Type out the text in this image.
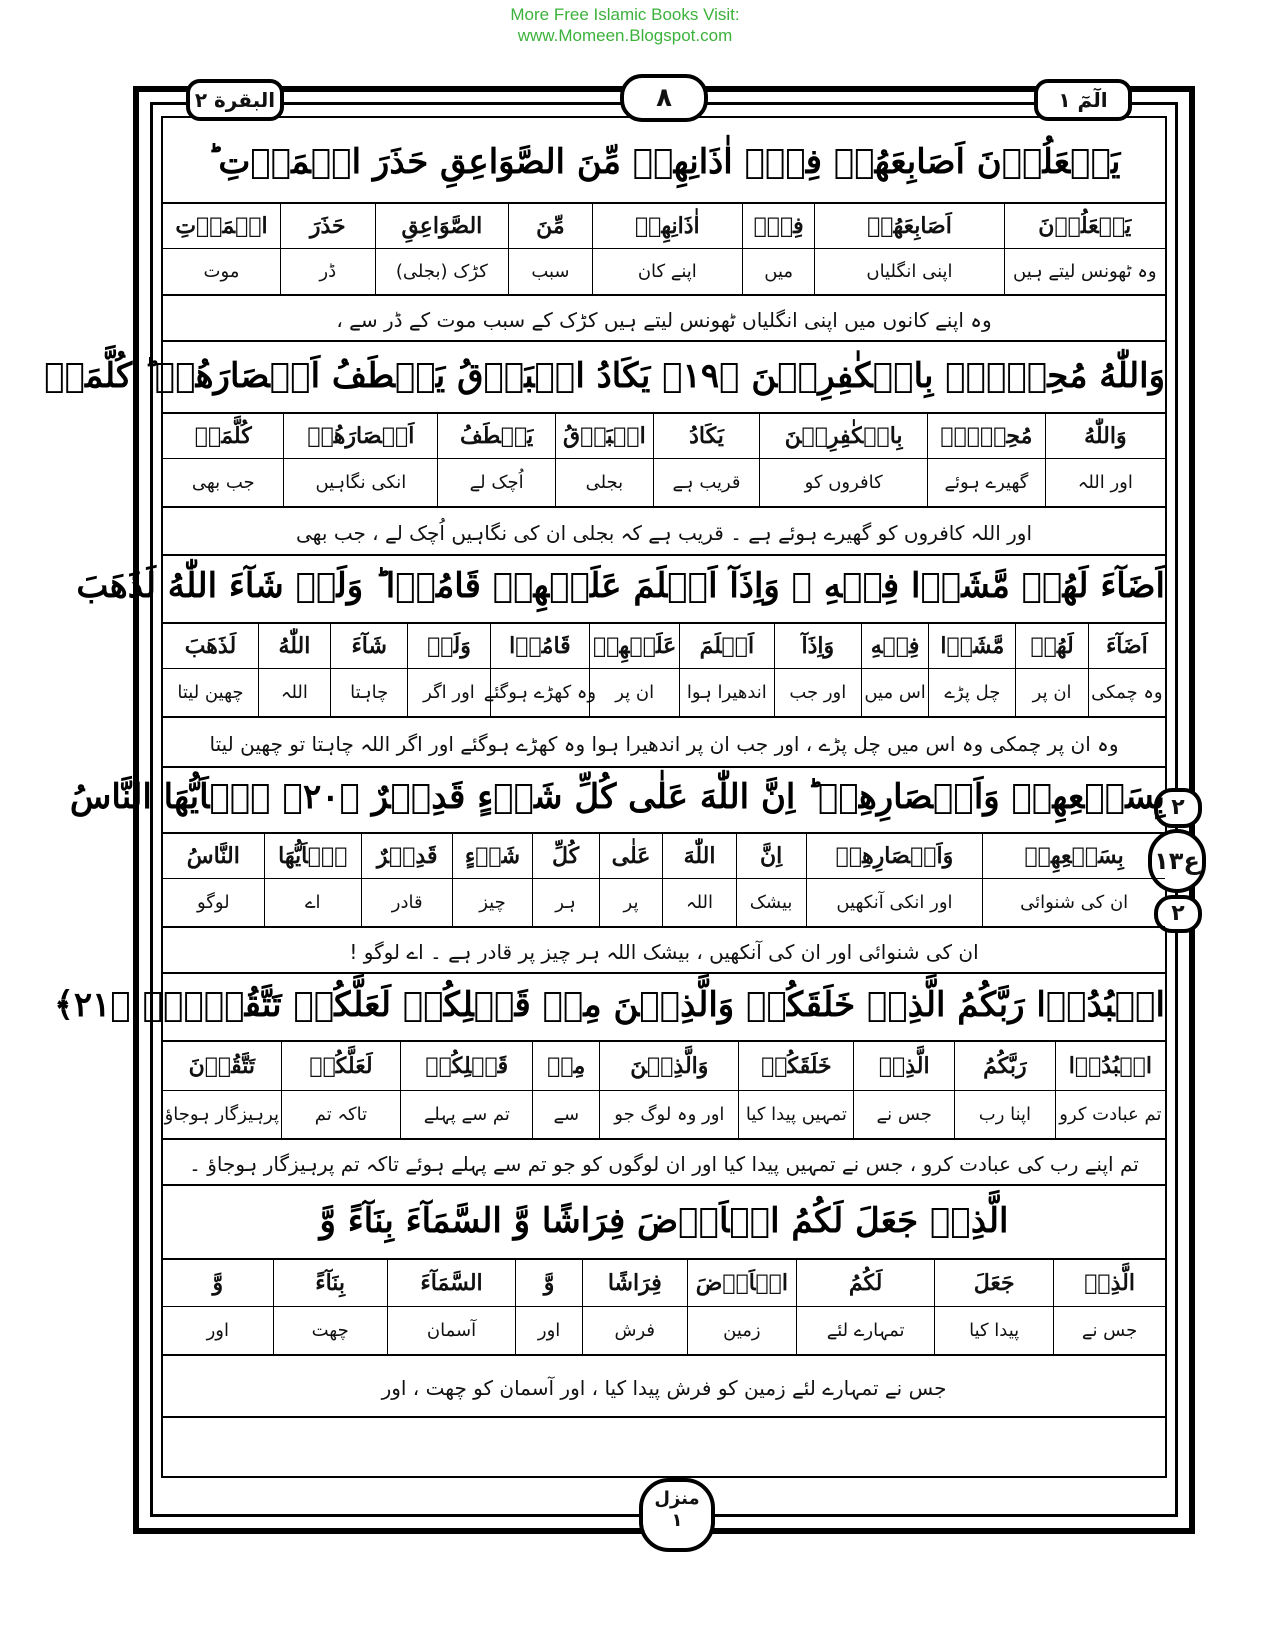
More Free Islamic Books Visit:
www.Momeen.Blogspot.com
البقرة ٢	٨	الٓمٓ ١
منزل
١
٢
ع١٣
٢
يَجۡعَلُوۡنَ اَصَابِعَهُمۡ فِىۡۤ اٰذَانِهِمۡ مِّنَ الصَّوَاعِقِ حَذَرَ الۡمَوۡتِ ؕ
يَجۡعَلُوۡنَ
اَصَابِعَهُمۡ
فِىۡۤ
اٰذَانِهِمۡ
مِّنَ
الصَّوَاعِقِ
حَذَرَ
الۡمَوۡتِ
وہ ٹھونس لیتے ہیں
اپنی انگلیاں
میں
اپنے کان
سبب
کڑک (بجلی)
ڈر
موت
وہ اپنے کانوں میں اپنی انگلیاں ٹھونس لیتے ہیں کڑک کے سبب موت کے ڈر سے ،
وَاللّٰهُ مُحِيۡطٌۢ بِالۡكٰفِرِيۡنَ ﴿۱۹﴾ يَكَادُ الۡبَرۡقُ يَخۡطَفُ اَبۡصَارَهُمۡ ؕ كُلَّمَاۤ
وَاللّٰهُ
مُحِيۡطٌۢ
بِالۡكٰفِرِيۡنَ
يَكَادُ
الۡبَرۡقُ
يَخۡطَفُ
اَبۡصَارَهُمۡ
كُلَّمَاۤ
اور اللہ
گھیرے ہوئے
کافروں کو
قریب ہے
بجلی
اُچک لے
انکی نگاہیں
جب بھی
اور اللہ کافروں کو گھیرے ہوئے ہے ۔ قریب ہے کہ بجلی ان کی نگاہیں اُچک لے ، جب بھی
اَضَآءَ لَهُمۡ مَّشَوۡا فِيۡهِ ۙ وَاِذَآ اَظۡلَمَ عَلَيۡهِمۡ قَامُوۡا ؕ وَلَوۡ شَآءَ اللّٰهُ لَذَهَبَ
اَضَآءَ
لَهُمۡ
مَّشَوۡا
فِيۡهِ
وَاِذَآ
اَظۡلَمَ
عَلَيۡهِمۡ
قَامُوۡا
وَلَوۡ
شَآءَ
اللّٰهُ
لَذَهَبَ
وہ چمکی
ان پر
چل پڑے
اس میں
اور جب
اندھیرا ہوا
ان پر
وہ کھڑے ہوگئے
اور اگر
چاہتا
اللہ
چھین لیتا
وہ ان پر چمکی وہ اس میں چل پڑے ، اور جب ان پر اندھیرا ہوا وہ کھڑے ہوگئے اور اگر اللہ چاہتا تو چھین لیتا
بِسَمۡعِهِمۡ وَاَبۡصَارِهِمۡ ؕ اِنَّ اللّٰهَ عَلٰى كُلِّ شَىۡءٍ قَدِيۡرٌ ﴿۲۰﴾ يٰۤاَيُّهَا النَّاسُ
بِسَمۡعِهِمۡ
وَاَبۡصَارِهِمۡ
اِنَّ
اللّٰهَ
عَلٰى
كُلِّ
شَىۡءٍ
قَدِيۡرٌ
يٰۤاَيُّهَا
النَّاسُ
ان کی شنوائی
اور انکی آنکھیں
بیشک
اللہ
پر
ہر
چیز
قادر
اے
لوگو
ان کی شنوائی اور ان کی آنکھیں ، بیشک اللہ ہر چیز پر قادر ہے ۔ اے لوگو !
اعۡبُدُوۡا رَبَّكُمُ الَّذِىۡ خَلَقَكُمۡ وَالَّذِيۡنَ مِنۡ قَبۡلِكُمۡ لَعَلَّكُمۡ تَتَّقُوۡنَۙ ﴿۲۱﴾
اعۡبُدُوۡا
رَبَّكُمُ
الَّذِىۡ
خَلَقَكُمۡ
وَالَّذِيۡنَ
مِنۡ
قَبۡلِكُمۡ
لَعَلَّكُمۡ
تَتَّقُوۡنَ
تم عبادت کرو
اپنا رب
جس نے
تمہیں پیدا کیا
اور وہ لوگ جو
سے
تم سے پہلے
تاکہ تم
پرہیزگار ہوجاؤ
تم اپنے رب کی عبادت کرو ، جس نے تمہیں پیدا کیا اور ان لوگوں کو جو تم سے پہلے ہوئے تاکہ تم پرہیزگار ہوجاؤ ۔
الَّذِىۡ جَعَلَ لَكُمُ الۡاَرۡضَ فِرَاشًا وَّ السَّمَآءَ بِنَآءً وَّ
الَّذِىۡ
جَعَلَ
لَكُمُ
الۡاَرۡضَ
فِرَاشًا
وَّ
السَّمَآءَ
بِنَآءً
وَّ
جس نے
پیدا کیا
تمہارے لئے
زمین
فرش
اور
آسمان
چھت
اور
جس نے تمہارے لئے زمین کو فرش پیدا کیا ، اور آسمان کو چھت ، اور
